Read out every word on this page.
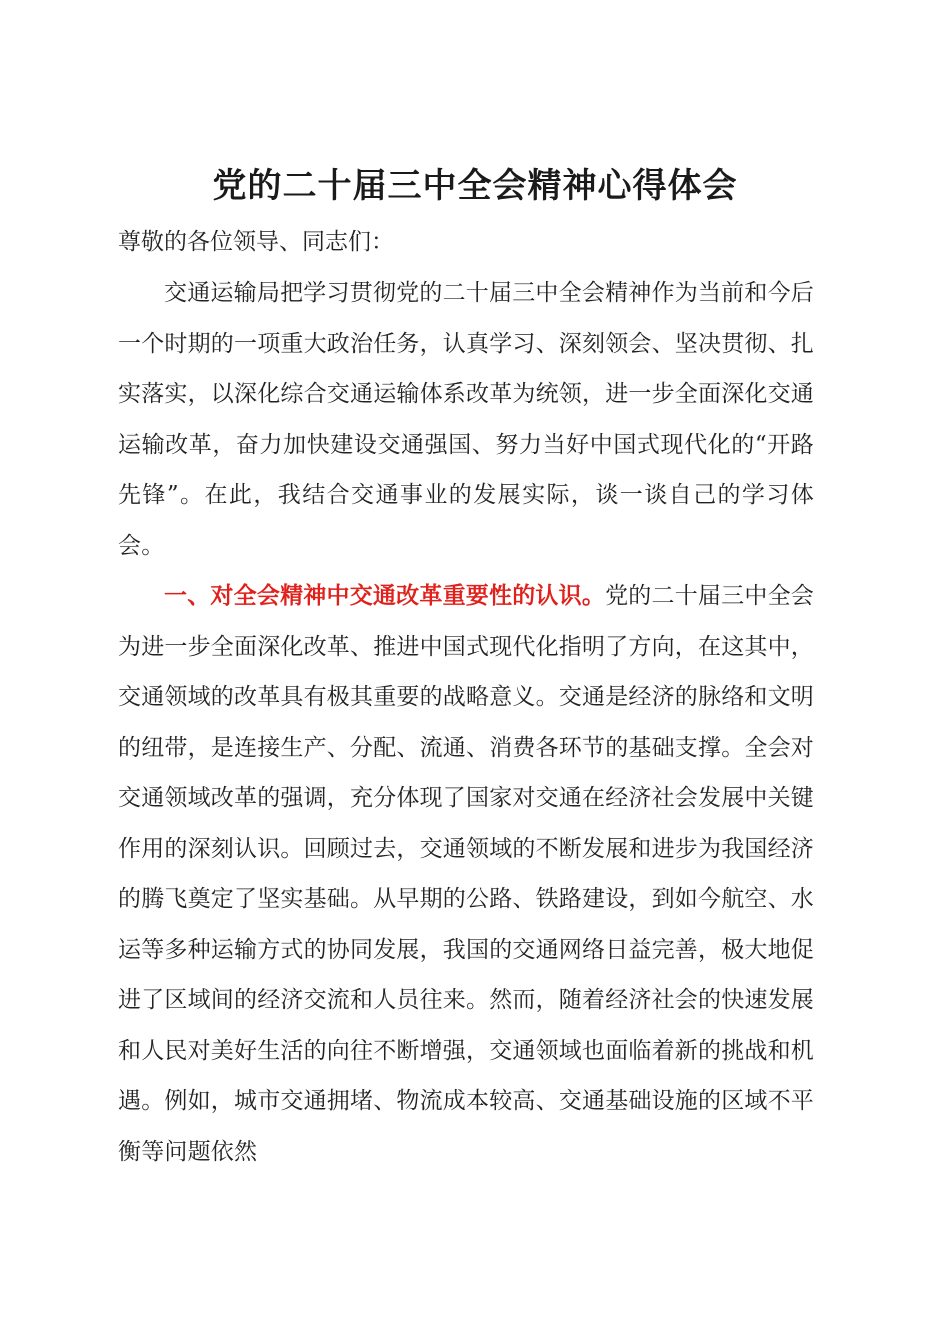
党的二十届三中全会精神心得体会

尊敬的各位领导、同志们：

交通运输局把学习贯彻党的二十届三中全会精神作为当前和今后一个时期的一项重大政治任务，认真学习、深刻领会、坚决贯彻、扎实落实，以深化综合交通运输体系改革为统领，进一步全面深化交通运输改革，奋力加快建设交通强国、努力当好中国式现代化的“开路先锋”。在此，我结合交通事业的发展实际，谈一谈自己的学习体会。

一、对全会精神中交通改革重要性的认识。党的二十届三中全会为进一步全面深化改革、推进中国式现代化指明了方向，在这其中，交通领域的改革具有极其重要的战略意义。交通是经济的脉络和文明的纽带，是连接生产、分配、流通、消费各环节的基础支撑。全会对交通领域改革的强调，充分体现了国家对交通在经济社会发展中关键作用的深刻认识。回顾过去，交通领域的不断发展和进步为我国经济的腾飞奠定了坚实基础。从早期的公路、铁路建设，到如今航空、水运等多种运输方式的协同发展，我国的交通网络日益完善，极大地促进了区域间的经济交流和人员往来。然而，随着经济社会的快速发展和人民对美好生活的向往不断增强，交通领域也面临着新的挑战和机遇。例如，城市交通拥堵、物流成本较高、交通基础设施的区域不平衡等问题依然
